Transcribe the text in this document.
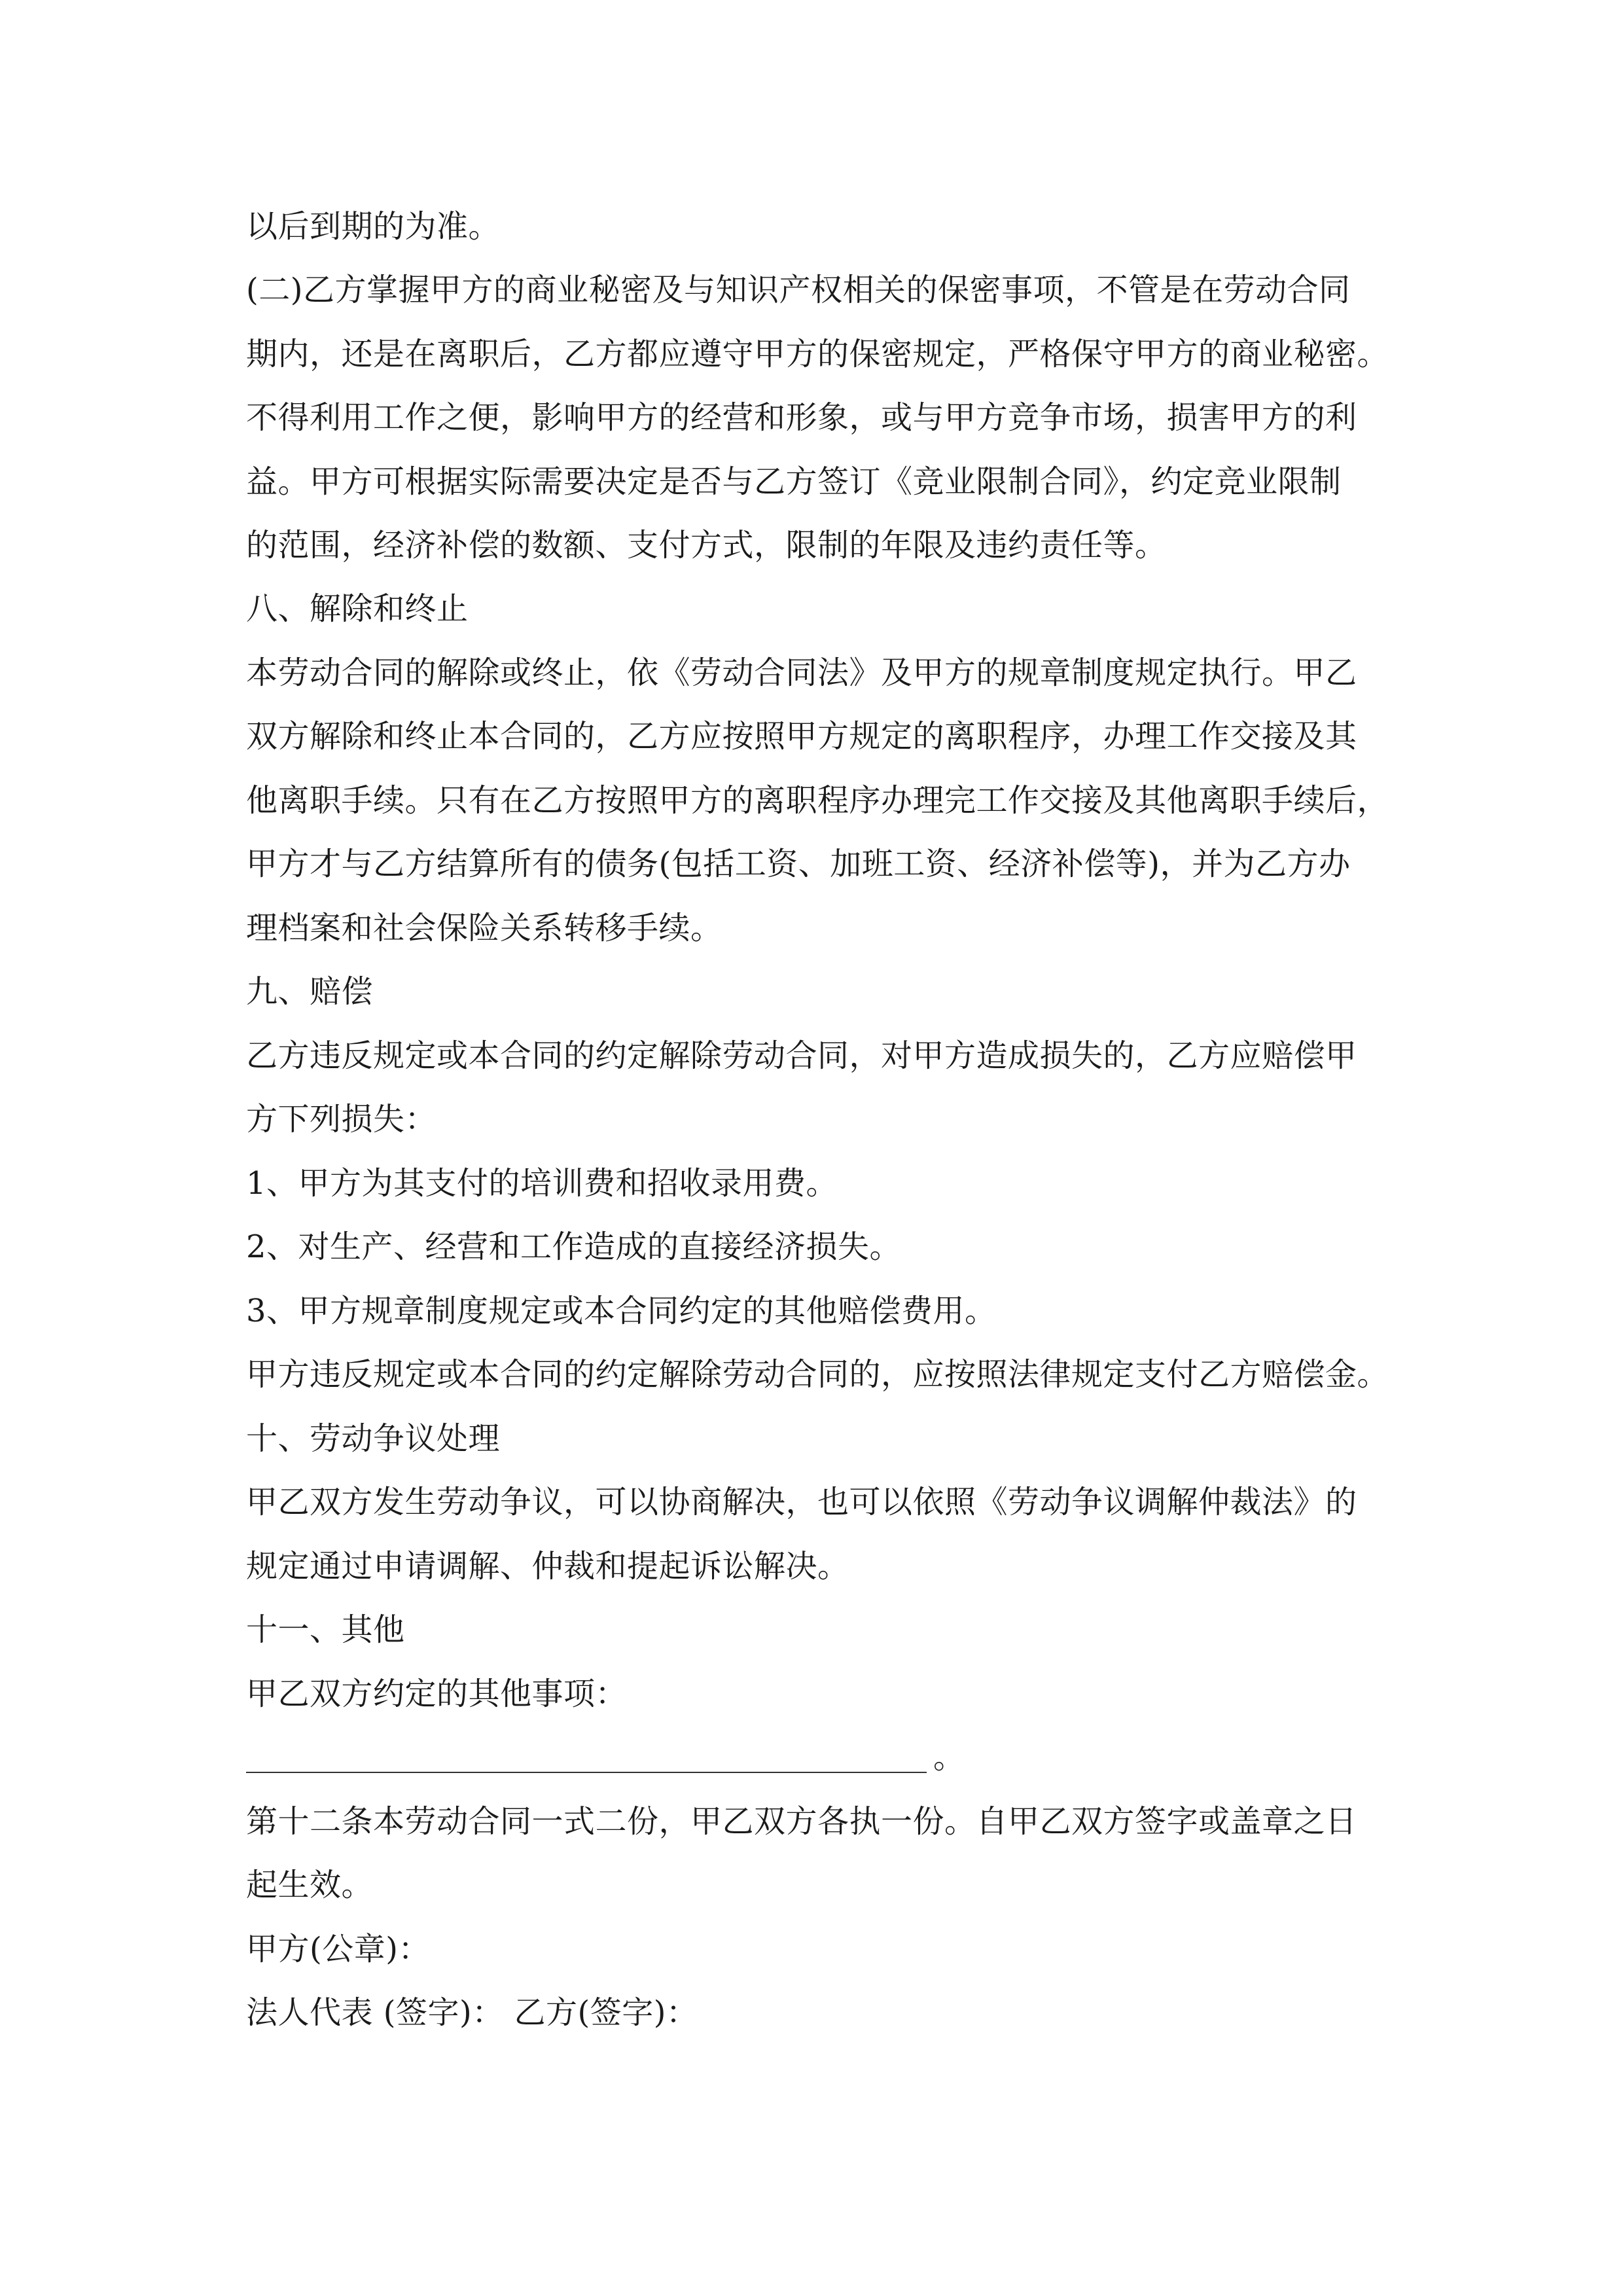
以后到期的为准。
(二)乙方掌握甲方的商业秘密及与知识产权相关的保密事项，不管是在劳动合同
期内，还是在离职后，乙方都应遵守甲方的保密规定，严格保守甲方的商业秘密。
不得利用工作之便，影响甲方的经营和形象，或与甲方竞争市场，损害甲方的利
益。甲方可根据实际需要决定是否与乙方签订《竞业限制合同》，约定竞业限制
的范围，经济补偿的数额、支付方式，限制的年限及违约责任等。
八、解除和终止
本劳动合同的解除或终止，依《劳动合同法》及甲方的规章制度规定执行。甲乙
双方解除和终止本合同的，乙方应按照甲方规定的离职程序，办理工作交接及其
他离职手续。只有在乙方按照甲方的离职程序办理完工作交接及其他离职手续后，
甲方才与乙方结算所有的债务(包括工资、加班工资、经济补偿等)，并为乙方办
理档案和社会保险关系转移手续。
九、赔偿
乙方违反规定或本合同的约定解除劳动合同，对甲方造成损失的，乙方应赔偿甲
方下列损失：
1、甲方为其支付的培训费和招收录用费。
2、对生产、经营和工作造成的直接经济损失。
3、甲方规章制度规定或本合同约定的其他赔偿费用。
甲方违反规定或本合同的约定解除劳动合同的，应按照法律规定支付乙方赔偿金。
十、劳动争议处理
甲乙双方发生劳动争议，可以协商解决，也可以依照《劳动争议调解仲裁法》的
规定通过申请调解、仲裁和提起诉讼解决。
十一、其他
甲乙双方约定的其他事项：
。
第十二条本劳动合同一式二份，甲乙双方各执一份。自甲乙双方签字或盖章之日
起生效。
甲方(公章)：
法人代表 (签字)： 乙方(签字)：
